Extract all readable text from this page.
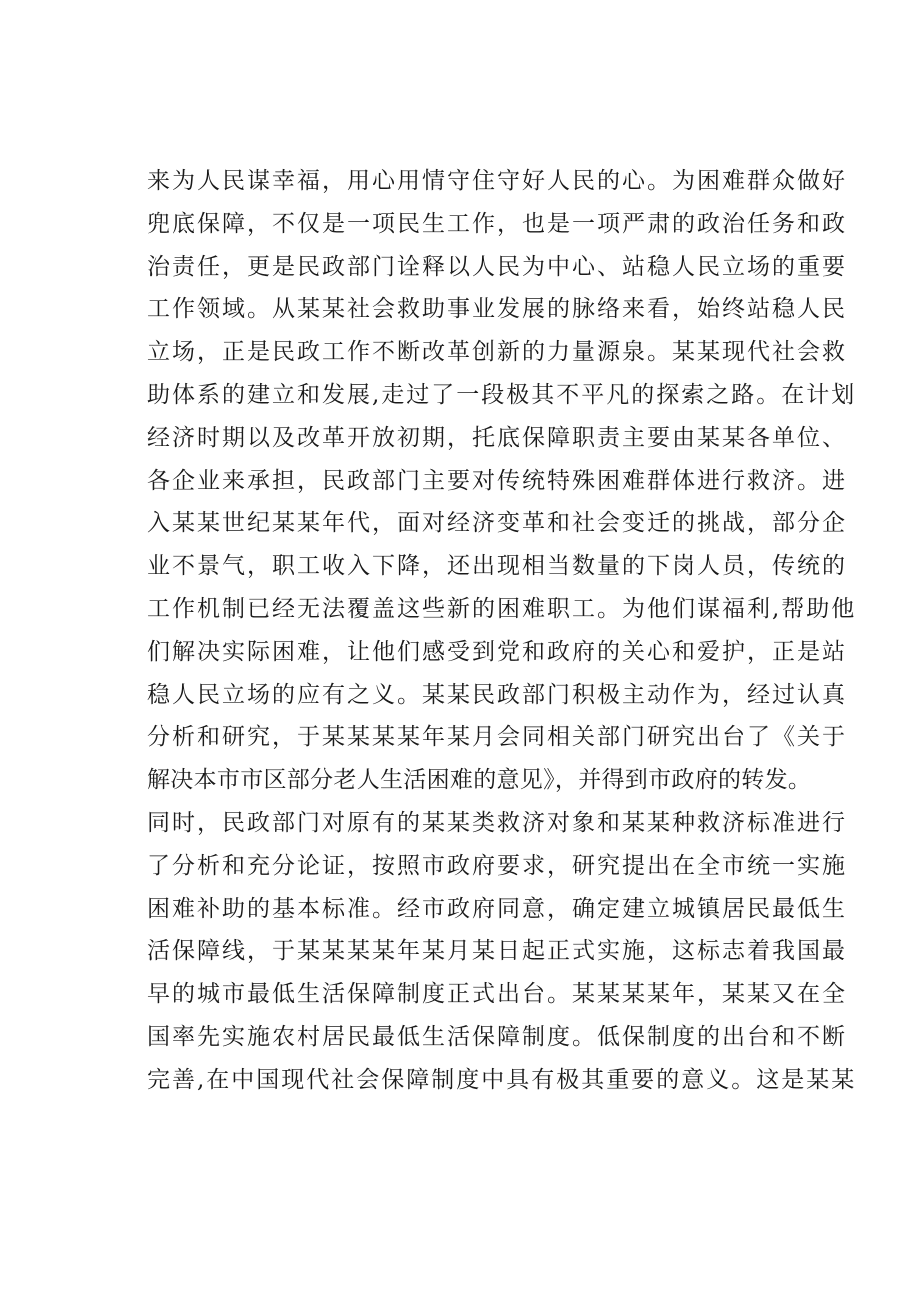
来为人民谋幸福，用心用情守住守好人民的心。为困难群众做好
兜底保障，不仅是一项民生工作，也是一项严肃的政治任务和政
治责任，更是民政部门诠释以人民为中心、站稳人民立场的重要
工作领域。从某某社会救助事业发展的脉络来看，始终站稳人民
立场，正是民政工作不断改革创新的力量源泉。某某现代社会救
助体系的建立和发展,走过了一段极其不平凡的探索之路。在计划
经济时期以及改革开放初期，托底保障职责主要由某某各单位、
各企业来承担，民政部门主要对传统特殊困难群体进行救济。进
入某某世纪某某年代，面对经济变革和社会变迁的挑战，部分企
业不景气，职工收入下降，还出现相当数量的下岗人员，传统的
工作机制已经无法覆盖这些新的困难职工。为他们谋福利,帮助他
们解决实际困难，让他们感受到党和政府的关心和爱护，正是站
稳人民立场的应有之义。某某民政部门积极主动作为，经过认真
分析和研究，于某某某某年某月会同相关部门研究出台了《关于
解决本市市区部分老人生活困难的意见》，并得到市政府的转发。
同时，民政部门对原有的某某类救济对象和某某种救济标准进行
了分析和充分论证，按照市政府要求，研究提出在全市统一实施
困难补助的基本标准。经市政府同意，确定建立城镇居民最低生
活保障线，于某某某某年某月某日起正式实施，这标志着我国最
早的城市最低生活保障制度正式出台。某某某某年，某某又在全
国率先实施农村居民最低生活保障制度。低保制度的出台和不断
完善,在中国现代社会保障制度中具有极其重要的意义。这是某某
